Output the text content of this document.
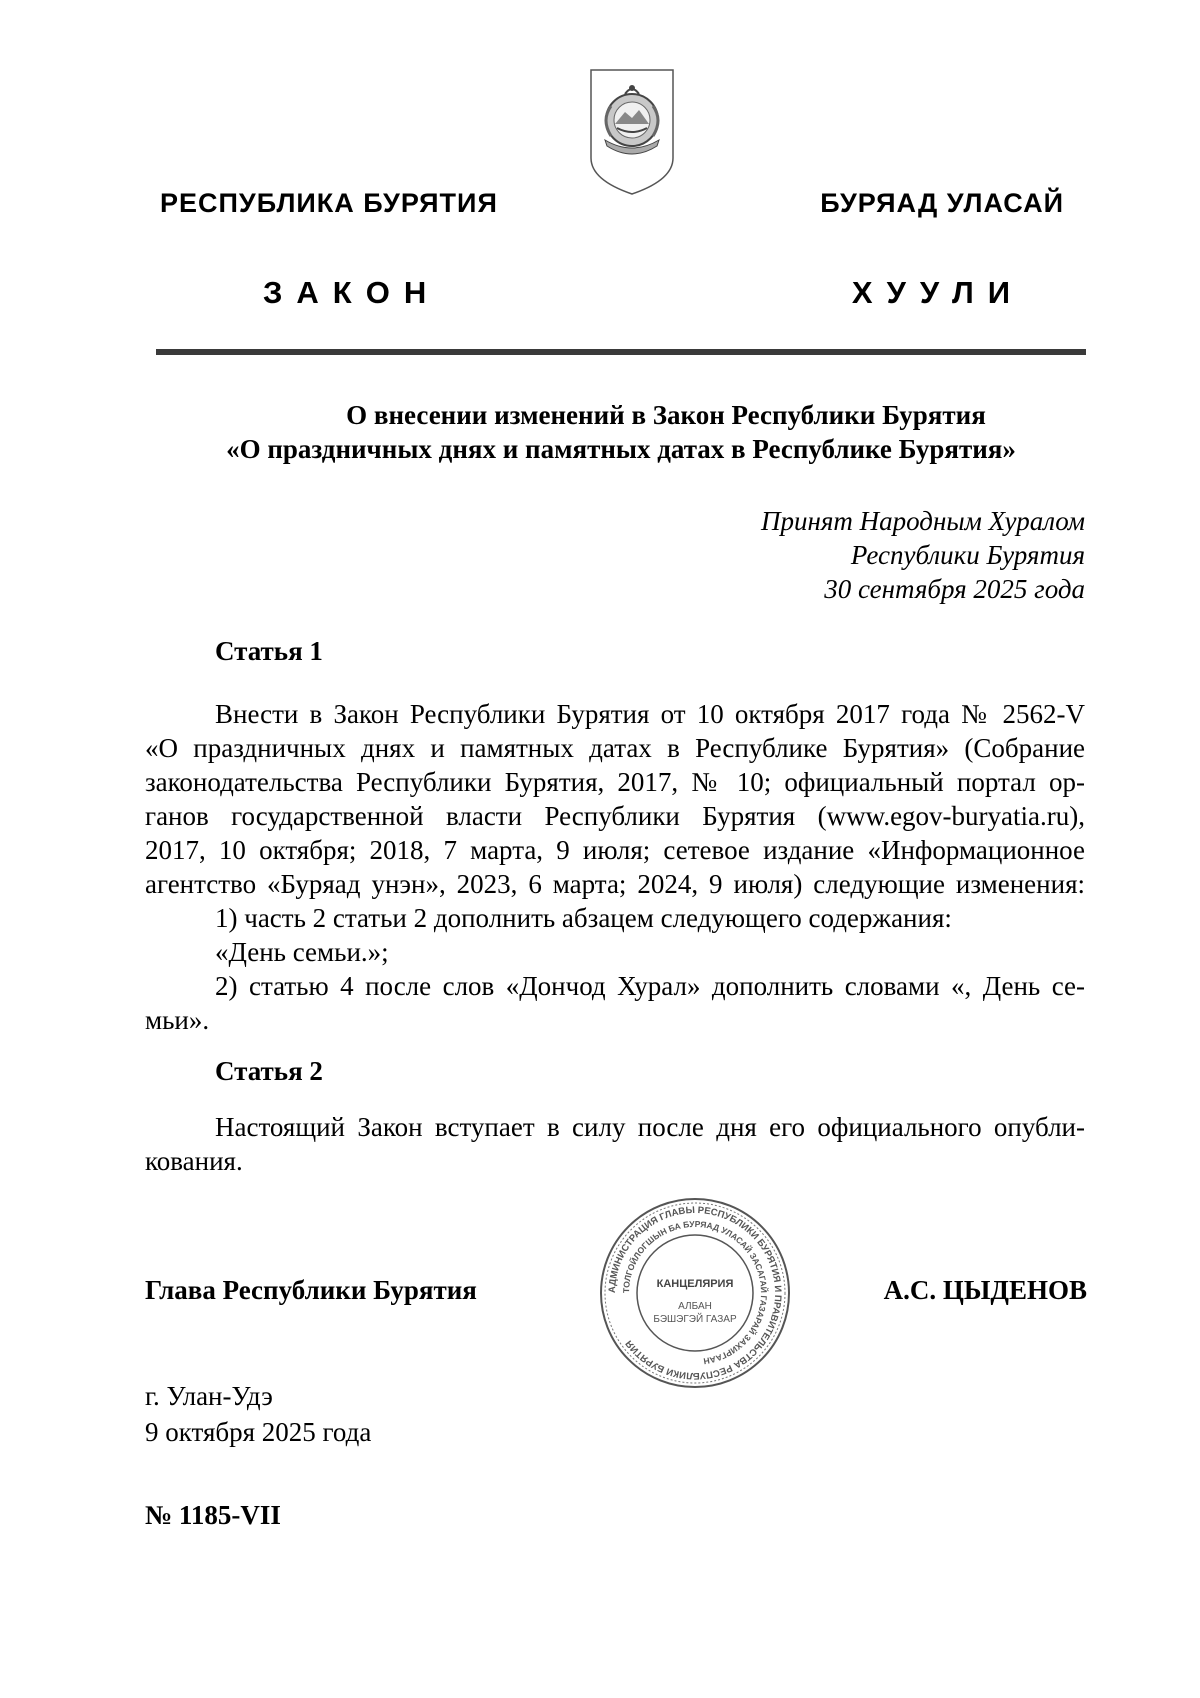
РЕСПУБЛИКА БУРЯТИЯ	БУРЯАД УЛАСАЙ
ЗАКОН	ХУУЛИ
О внесении изменений в Закон Республики Бурятия
«О праздничных днях и памятных датах в Республике Бурятия»
Принят Народным Хуралом
Республики Бурятия
30 сентября 2025 года
Статья 1
Внести в Закон Республики Бурятия от 10 октября 2017 года № 2562-V
«О праздничных днях и памятных датах в Республике Бурятия» (Собрание
законодательства Республики Бурятия, 2017, № 10; официальный портал ор-
ганов государственной власти Республики Бурятия (www.egov-buryatia.ru),
2017, 10 октября; 2018, 7 марта, 9 июля; сетевое издание «Информационное
агентство «Буряад унэн», 2023, 6 марта; 2024, 9 июля) следующие изменения:
1) часть 2 статьи 2 дополнить абзацем следующего содержания:
«День семьи.»;
2) статью 4 после слов «Дончод Хурал» дополнить словами «, День се-
мьи».
Статья 2
Настоящий Закон вступает в силу после дня его официального опубли-
кования.
Глава Республики Бурятия	А.С. ЦЫДЕНОВ
АДМИНИСТРАЦИЯ ГЛАВЫ РЕСПУБЛИКИ БУРЯТИЯ И ПРАВИТЕЛЬСТВА РЕСПУБЛИКИ БУРЯТИЯ
ТОЛГОЙЛОГШЫН БА БУРЯАД УЛАСАЙ ЗАСАГАЙ ГАЗАРАЙ ЗАХИРГААН
КАНЦЕЛЯРИЯ
АЛБАН
БЭШЭГЭЙ ГАЗАР
г. Улан-Удэ
9 октября 2025 года
№ 1185-VII
